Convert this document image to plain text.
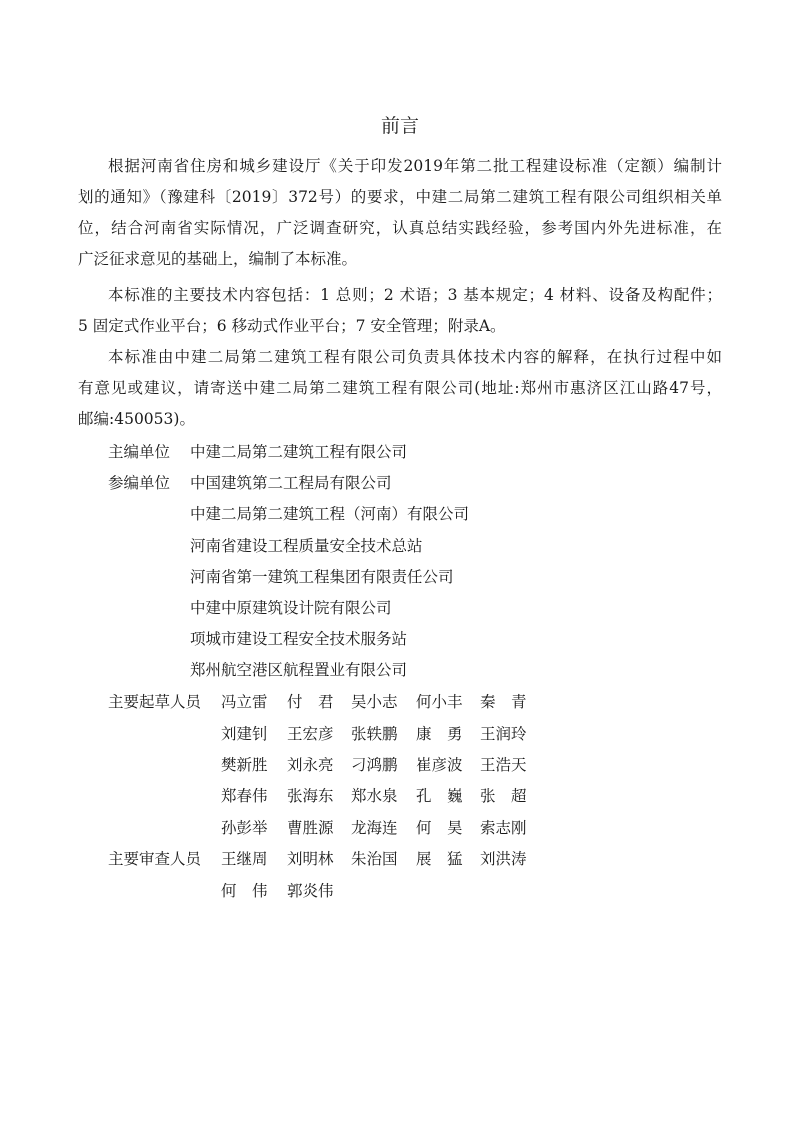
前言
根据河南省住房和城乡建设厅《关于印发2019年第二批工程建设标准（定额）编制计
划的通知》（豫建科〔2019〕372号）的要求，中建二局第二建筑工程有限公司组织相关单
位，结合河南省实际情况，广泛调查研究，认真总结实践经验，参考国内外先进标准，在
广泛征求意见的基础上，编制了本标准。
本标准的主要技术内容包括：1 总则；2 术语；3 基本规定；4 材料、设备及构配件；
5 固定式作业平台；6 移动式作业平台；7 安全管理；附录A。
本标准由中建二局第二建筑工程有限公司负责具体技术内容的解释，在执行过程中如
有意见或建议，请寄送中建二局第二建筑工程有限公司(地址:郑州市惠济区江山路47号，
邮编:450053)。
主编单位 中建二局第二建筑工程有限公司
参编单位 中国建筑第二工程局有限公司
中建二局第二建筑工程（河南）有限公司
河南省建设工程质量安全技术总站
河南省第一建筑工程集团有限责任公司
中建中原建筑设计院有限公司
项城市建设工程安全技术服务站
郑州航空港区航程置业有限公司
主要起草人员 冯立雷 付　君 吴小志 何小丰 秦　青
刘建钊 王宏彦 张轶鹏 康　勇 王润玲
樊新胜 刘永亮 刁鸿鹏 崔彦波 王浩天
郑春伟 张海东 郑水泉 孔　巍 张　超
孙彭举 曹胜源 龙海连 何　昊 索志刚
主要审查人员 王继周 刘明林 朱治国 展　猛 刘洪涛
何　伟 郭炎伟
